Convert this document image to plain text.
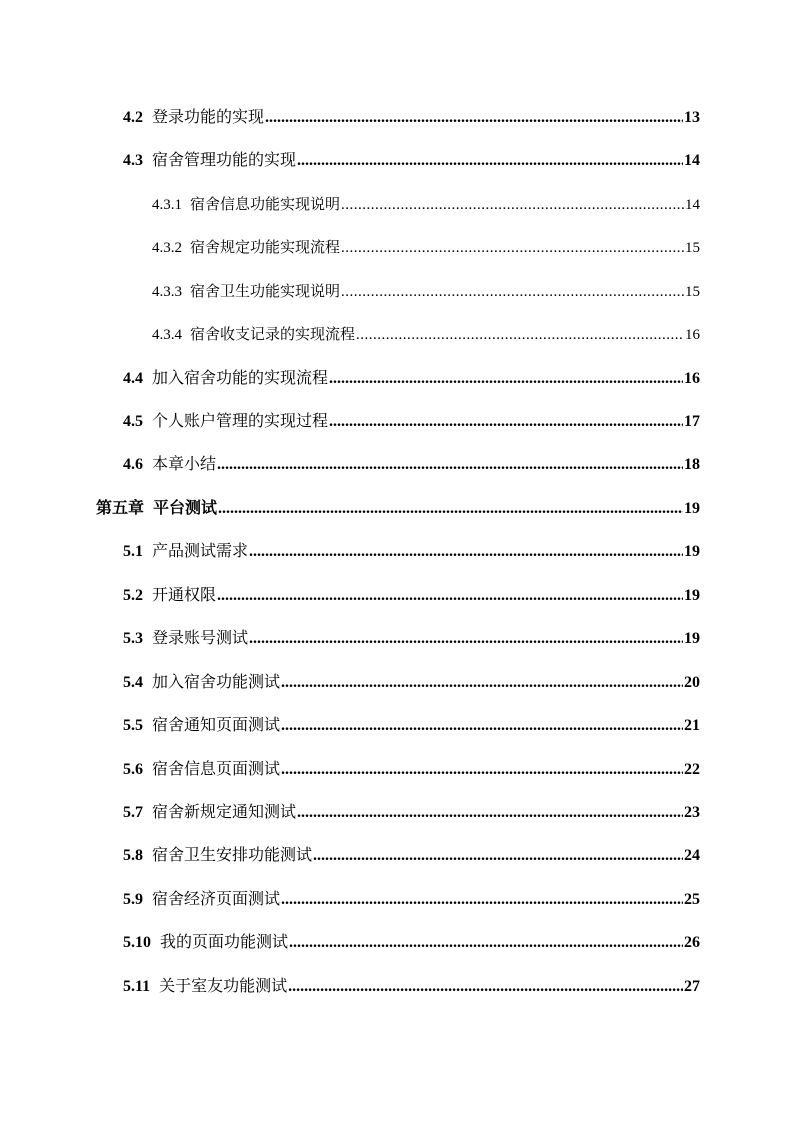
4.2 登录功能的实现 .....	13
4.3 宿舍管理功能的实现 .....	14
4.3.1 宿舍信息功能实现说明 .....	14
4.3.2 宿舍规定功能实现流程 .....	15
4.3.3 宿舍卫生功能实现说明 .....	15
4.3.4 宿舍收支记录的实现流程 .....	16
4.4 加入宿舍功能的实现流程 .....	16
4.5 个人账户管理的实现过程 .....	17
4.6 本章小结 .....	18
第五章 平台测试 .....	19
5.1 产品测试需求 .....	19
5.2 开通权限 .....	19
5.3 登录账号测试 .....	19
5.4 加入宿舍功能测试 .....	20
5.5 宿舍通知页面测试 .....	21
5.6 宿舍信息页面测试 .....	22
5.7 宿舍新规定通知测试 .....	23
5.8 宿舍卫生安排功能测试 .....	24
5.9 宿舍经济页面测试 .....	25
5.10 我的页面功能测试 .....	26
5.11 关于室友功能测试 .....	27
